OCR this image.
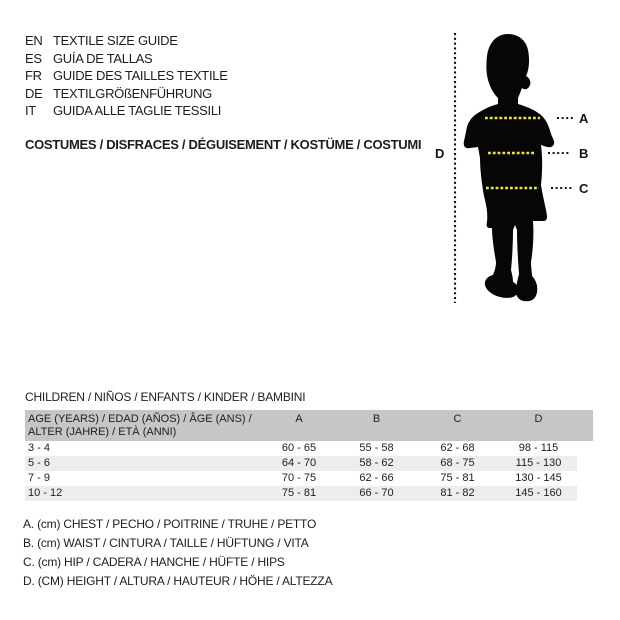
EN TEXTILE SIZE GUIDE
ES GUÍA DE TALLAS
FR GUIDE DES TAILLES TEXTILE
DE TEXTILGRÖßENFÜHRUNG
IT	GUIDA ALLE TAGLIE TESSILI
COSTUMES / DISFRACES / DÉGUISEMENT / KOSTÜME / COSTUMI
A
B
C
D
CHILDREN / NIÑOS / ENFANTS / KINDER / BAMBINI
AGE (YEARS) / EDAD (AÑOS) / ÂGE (ANS) /
ALTER (JAHRE) / ETÀ (ANNI)
A	B	C	D
3 - 4	60 - 65	55 - 58	62 - 68	98 - 115
5 - 6	64 - 70	58 - 62	68 - 75	115 - 130
7 - 9	70 - 75	62 - 66	75 - 81	130 - 145
10 - 12	75 - 81	66 - 70	81 - 82	145 - 160
A. (cm) CHEST / PECHO / POITRINE / TRUHE / PETTO
B. (cm) WAIST / CINTURA / TAILLE / HÜFTUNG / VITA
C. (cm) HIP / CADERA / HANCHE / HÜFTE / HIPS
D. (CM) HEIGHT / ALTURA / HAUTEUR / HÖHE / ALTEZZA
